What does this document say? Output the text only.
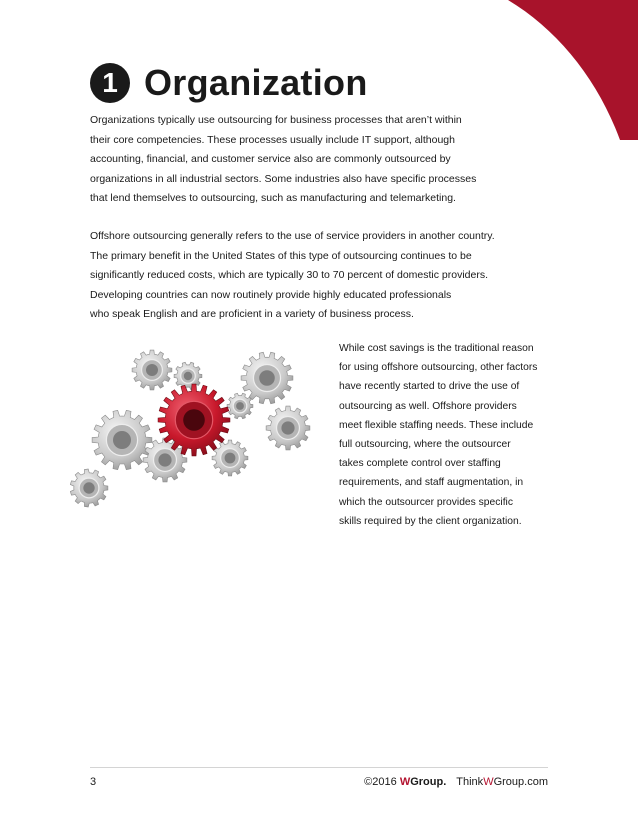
1 Organization

Organizations typically use outsourcing for business processes that aren’t within
their core competencies. These processes usually include IT support, although
accounting, financial, and customer service also are commonly outsourced by
organizations in all industrial sectors. Some industries also have specific processes
that lend themselves to outsourcing, such as manufacturing and telemarketing.

Offshore outsourcing generally refers to the use of service providers in another country.
The primary benefit in the United States of this type of outsourcing continues to be
significantly reduced costs, which are typically 30 to 70 percent of domestic providers.
Developing countries can now routinely provide highly educated professionals
who speak English and are proficient in a variety of business process.

While cost savings is the traditional reason
for using offshore outsourcing, other factors
have recently started to drive the use of
outsourcing as well. Offshore providers
meet flexible staffing needs. These include
full outsourcing, where the outsourcer
takes complete control over staffing
requirements, and staff augmentation, in
which the outsourcer provides specific
skills required by the client organization.

3	©2016 WGroup. ThinkWGroup.com
